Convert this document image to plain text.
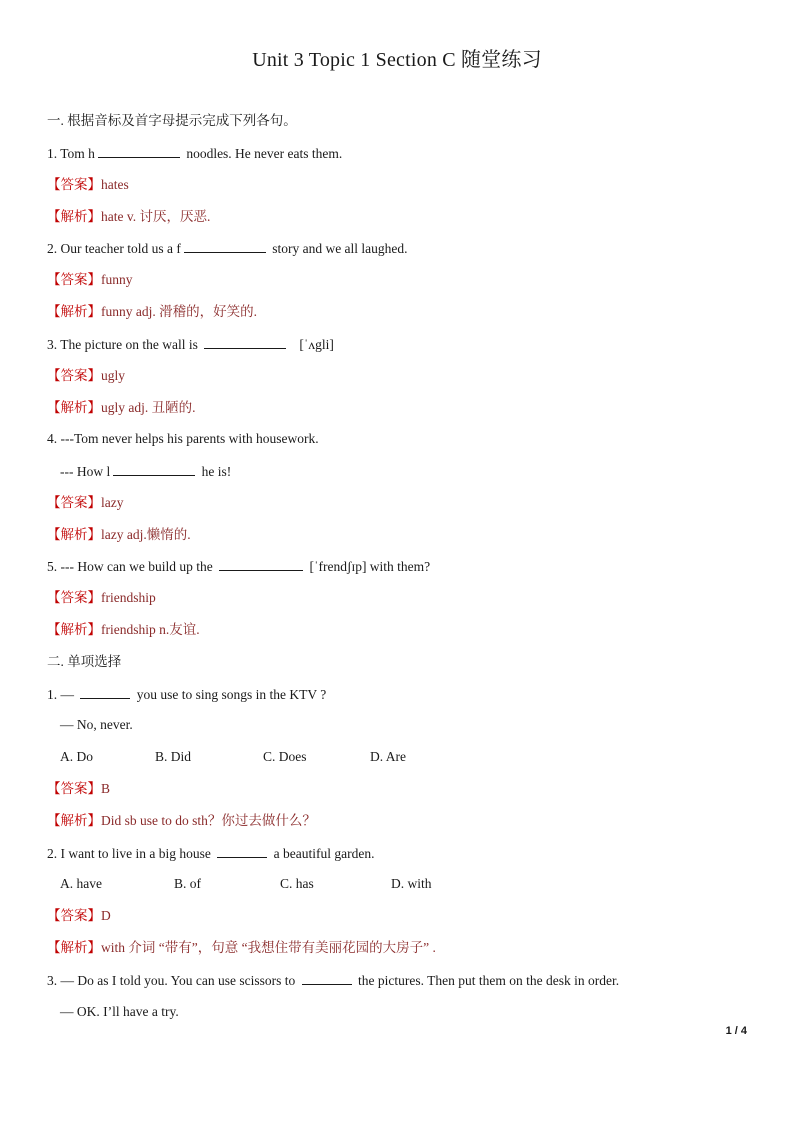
Unit 3 Topic 1 Section C 随堂练习
一. 根据音标及首字母提示完成下列各句。
1. Tom h	noodles. He never eats them.
【答案】hates
【解析】hate v. 讨厌，厌恶.
2. Our teacher told us a f	story and we all laughed.
【答案】funny
【解析】funny adj. 滑稽的，好笑的.
3. The picture on the wall is	[ˈʌgli]
【答案】ugly
【解析】ugly adj. 丑陋的.
4. ---Tom never helps his parents with housework.
--- How l	he is!
【答案】lazy
【解析】lazy adj.懒惰的.
5. --- How can we build up the	[ˈfrendʃɪp] with them?
【答案】friendship
【解析】friendship n.友谊.
二. 单项选择
1. —	you use to sing songs in the KTV ?
— No, never.
A. Do	B. Did	C. Does	D. Are
【答案】B
【解析】Did sb use to do sth？你过去做什么？
2. I want to live in a big house	a beautiful garden.
A. have	B. of	C. has	D. with
【答案】D
【解析】with 介词 “带有”，句意 “我想住带有美丽花园的大房子” .
3. — Do as I told you. You can use scissors to	the pictures. Then put them on the desk in order.
— OK. I’ll have a try.
1 / 4
